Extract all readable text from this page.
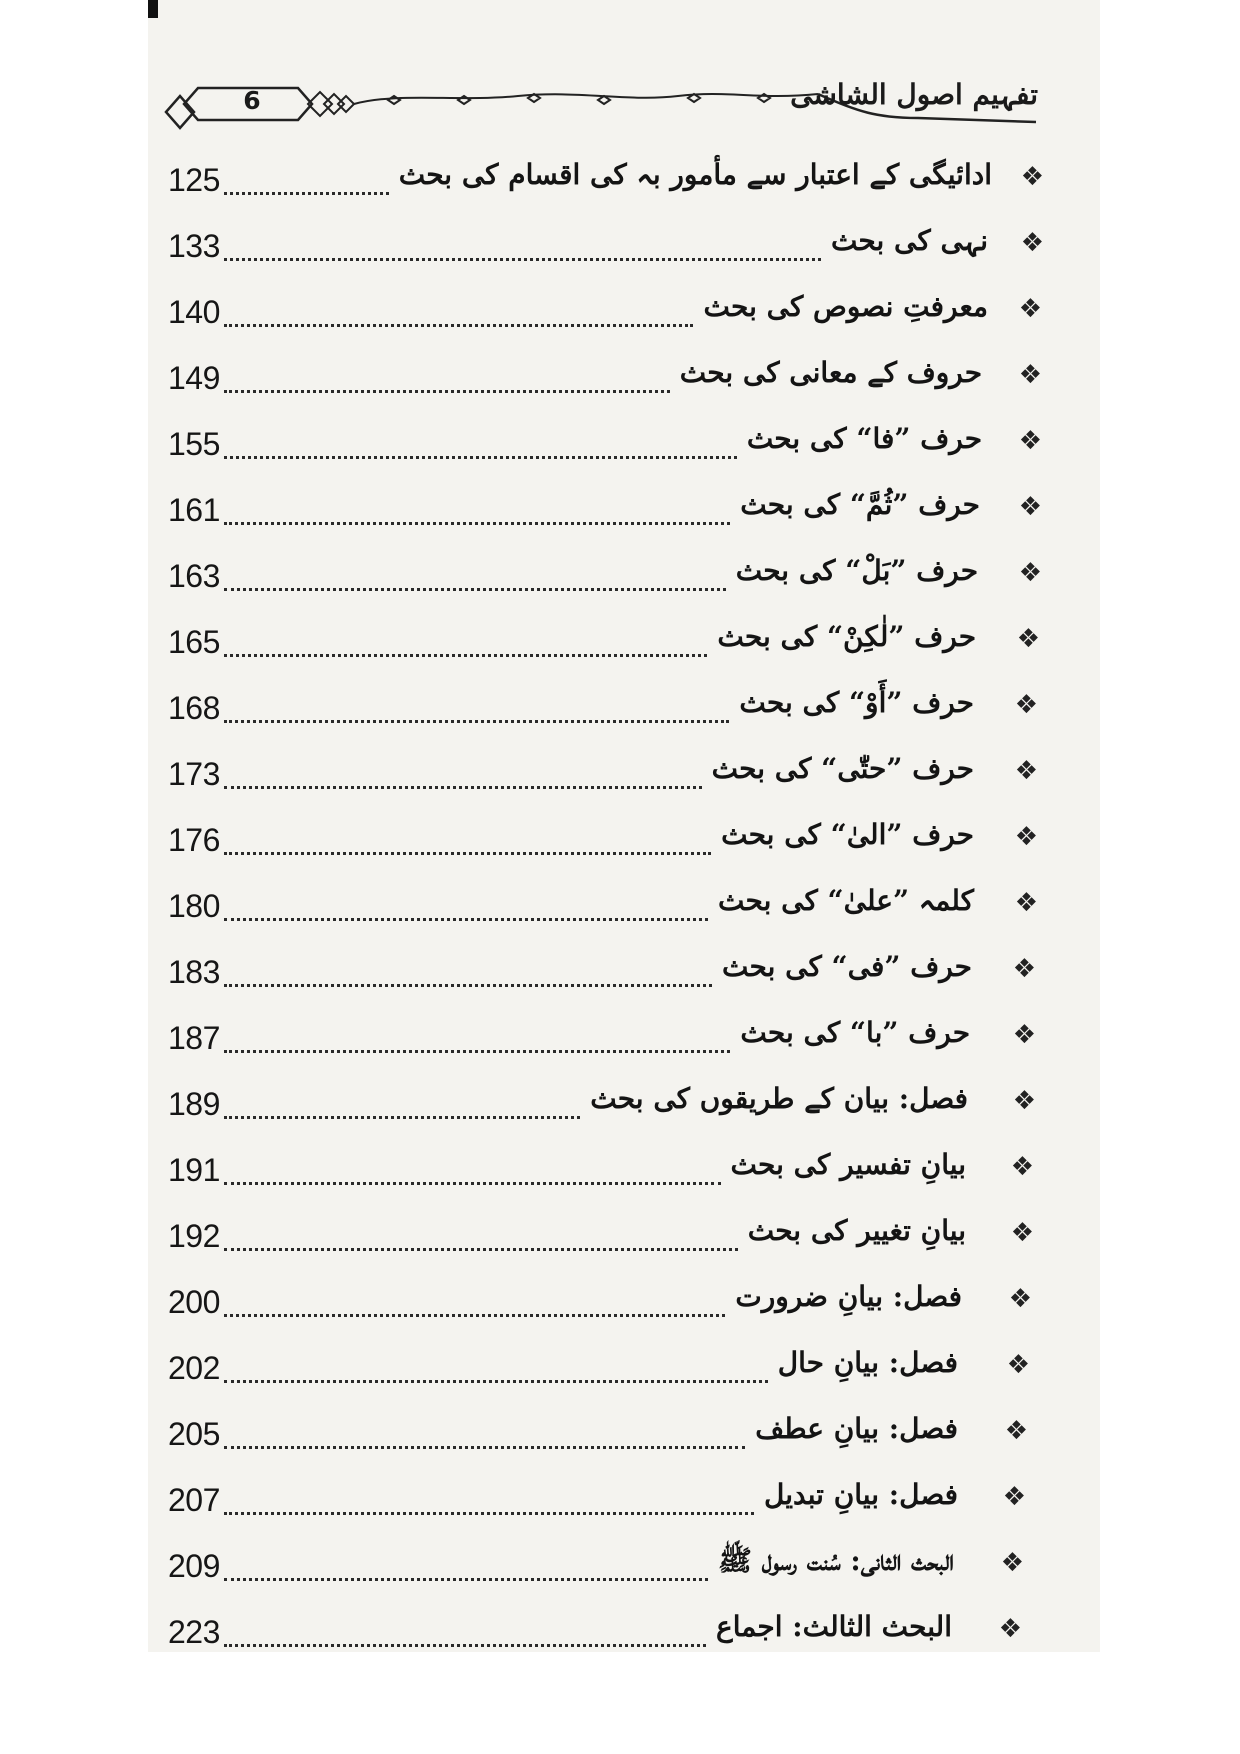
6	تفہیم اصول الشاشی
125	ادائیگی کے اعتبار سے مأمور بہ کی اقسام کی بحث ❖
133	نہی کی بحث ❖
140	معرفتِ نصوص کی بحث ❖
149	حروف کے معانی کی بحث ❖
155	حرف ”فا“ کی بحث ❖
161	حرف ”ثُمَّ“ کی بحث ❖
163	حرف ”بَلْ“ کی بحث ❖
165	حرف ”لٰکِنْ“ کی بحث ❖
168	حرف ”أَوْ“ کی بحث ❖
173	حرف ”حتّٰی“ کی بحث ❖
176	حرف ”الیٰ“ کی بحث ❖
180	کلمہ ”علیٰ“ کی بحث ❖
183	حرف ”فی“ کی بحث ❖
187	حرف ”با“ کی بحث ❖
189	فصل: بیان کے طریقوں کی بحث ❖
191	بیانِ تفسیر کی بحث ❖
192	بیانِ تغییر کی بحث ❖
200	فصل: بیانِ ضرورت ❖
202	فصل: بیانِ حال ❖
205	فصل: بیانِ عطف ❖
207	فصل: بیانِ تبدیل ❖
209	البحث الثانی: سُنت رسول ﷺ ❖
223	البحث الثالث: اجماع ❖
